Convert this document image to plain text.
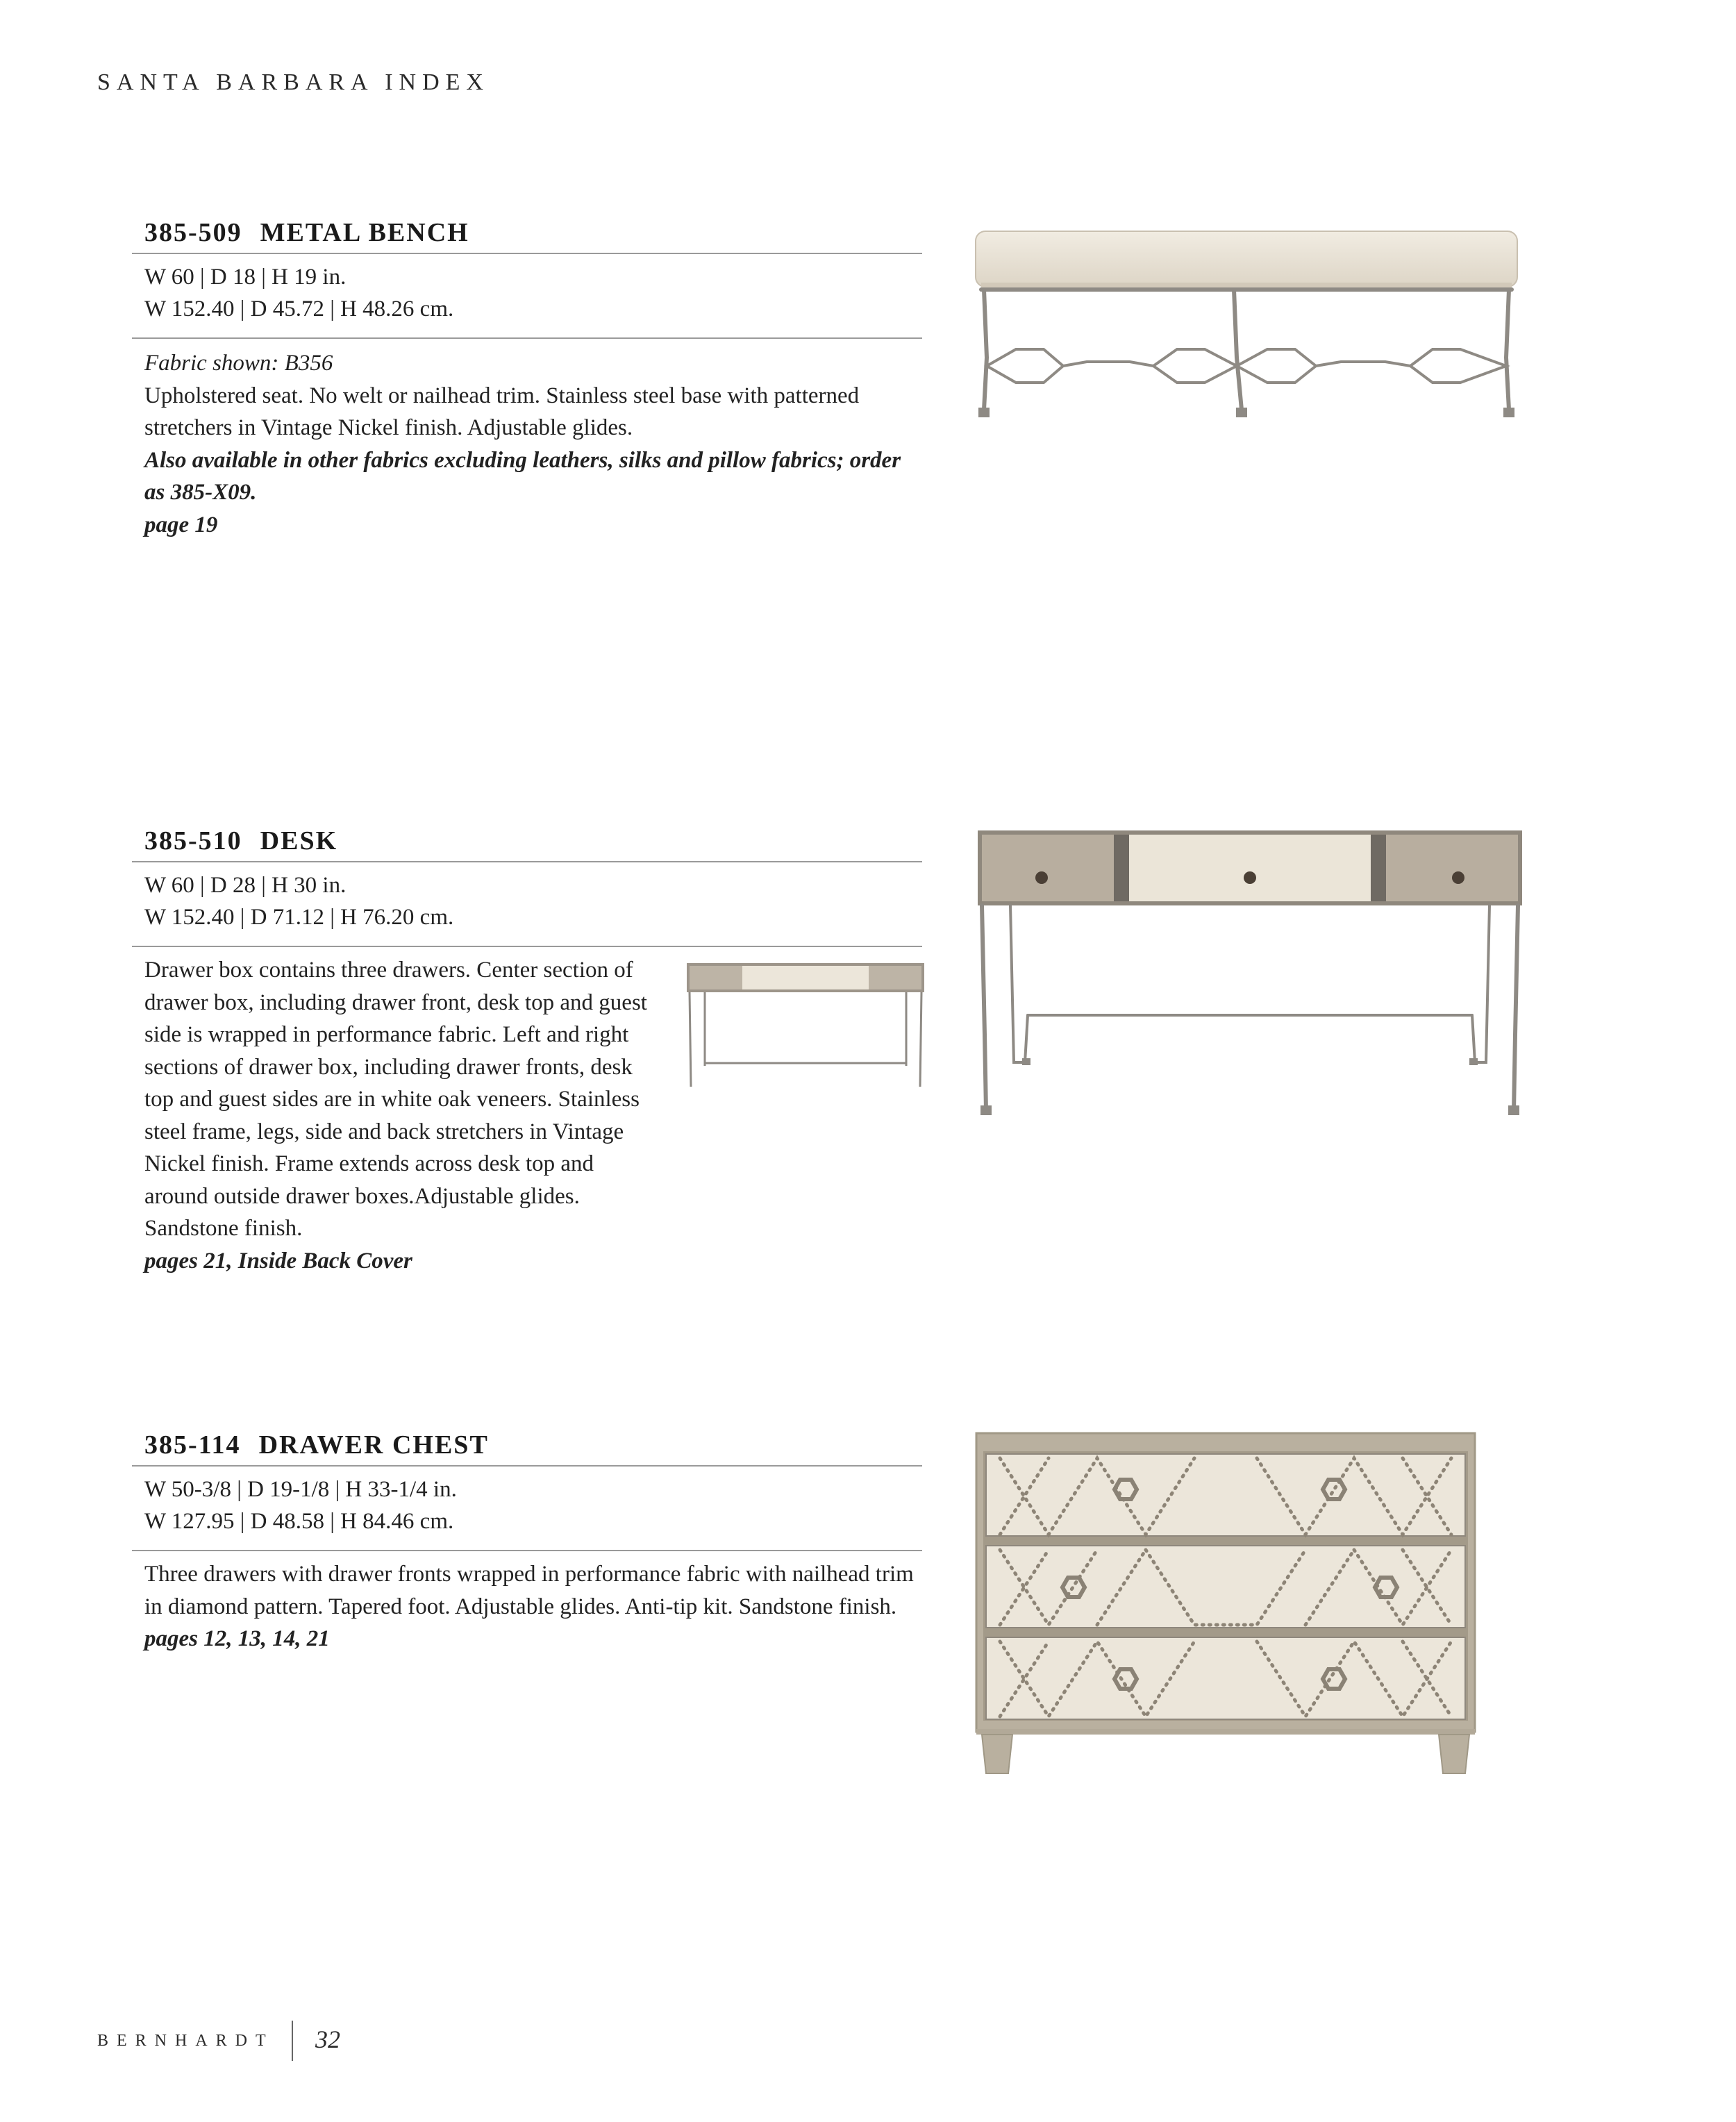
SANTA BARBARA INDEX
385-509 METAL BENCH
W 60 | D 18 | H 19 in.
W 152.40 | D 45.72 | H 48.26 cm.
Fabric shown: B356
Upholstered seat. No welt or nailhead trim. Stainless steel base with patterned stretchers in Vintage Nickel finish. Adjustable glides.
Also available in other fabrics excluding leathers, silks and pillow fabrics; order as 385-X09.
page 19
385-510 DESK
W 60 | D 28 | H 30 in.
W 152.40 | D 71.12 | H 76.20 cm.
Drawer box contains three drawers. Center section of drawer box, including drawer front, desk top and guest side is wrapped in performance fabric. Left and right sections of drawer box, including drawer fronts, desk top and guest sides are in white oak veneers. Stainless steel frame, legs, side and back stretchers in Vintage Nickel finish. Frame extends across desk top and around outside drawer boxes.Adjustable glides. Sandstone finish.
pages 21, Inside Back Cover
385-114 DRAWER CHEST
W 50-3/8 | D 19-1/8 | H 33-1/4 in.
W 127.95 | D 48.58 | H 84.46 cm.
Three drawers with drawer fronts wrapped in performance fabric with nailhead trim in diamond pattern. Tapered foot. Adjustable glides. Anti-tip kit. Sandstone finish.
pages 12, 13, 14, 21
BERNHARDT 32
